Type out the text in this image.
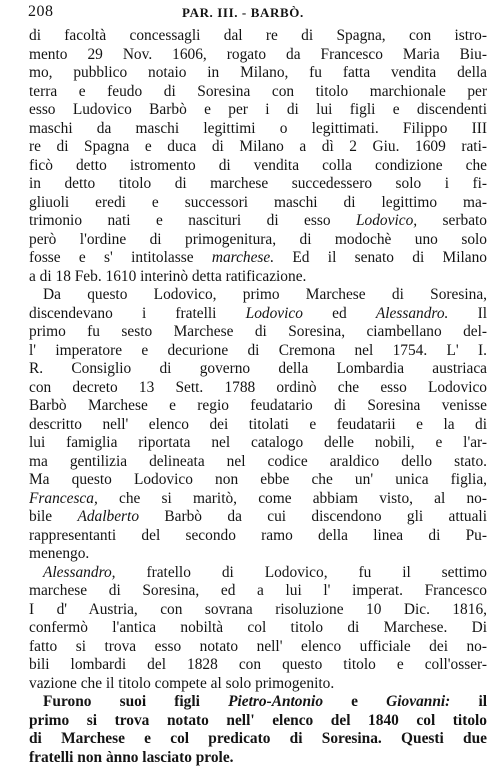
208	PAR. III. - BARBÒ.
di facoltà concessagli dal re di Spagna, con istro-
mento 29 Nov. 1606, rogato da Francesco Maria Biu-
mo, pubblico notaio in Milano, fu fatta vendita della
terra e feudo di Soresina con titolo marchionale per
esso Ludovico Barbò e per i di lui figli e discendenti
maschi da maschi legittimi o legittimati. Filippo III
re di Spagna e duca di Milano a dì 2 Giu. 1609 rati-
ficò detto istromento di vendita colla condizione che
in detto titolo di marchese succedessero solo i fi-
gliuoli eredi e successori maschi di legittimo ma-
trimonio nati e nascituri di esso Lodovico, serbato
però l'ordine di primogenitura, di modochè uno solo
fosse e s' intitolasse marchese. Ed il senato di Milano
a di 18 Feb. 1610 interinò detta ratificazione.
Da questo Lodovico, primo Marchese di Soresina,
discendevano i fratelli Lodovico ed Alessandro. Il
primo fu sesto Marchese di Soresina, ciambellano del-
l' imperatore e decurione di Cremona nel 1754. L' I.
R. Consiglio di governo della Lombardia austriaca
con decreto 13 Sett. 1788 ordinò che esso Lodovico
Barbò Marchese e regio feudatario di Soresina venisse
descritto nell' elenco dei titolati e feudatarii e la di
lui famiglia riportata nel catalogo delle nobili, e l'ar-
ma gentilizia delineata nel codice araldico dello stato.
Ma questo Lodovico non ebbe che un' unica figlia,
Francesca, che si maritò, come abbiam visto, al no-
bile Adalberto Barbò da cui discendono gli attuali
rappresentanti del secondo ramo della linea di Pu-
menengo.
Alessandro, fratello di Lodovico, fu il settimo
marchese di Soresina, ed a lui l' imperat. Francesco
I d' Austria, con sovrana risoluzione 10 Dic. 1816,
confermò l'antica nobiltà col titolo di Marchese. Di
fatto si trova esso notato nell' elenco ufficiale dei no-
bili lombardi del 1828 con questo titolo e coll'osser-
vazione che il titolo compete al solo primogenito.
Furono suoi figli Pietro-Antonio e Giovanni: il
primo si trova notato nell' elenco del 1840 col titolo
di Marchese e col predicato di Soresina. Questi due
fratelli non ànno lasciato prole.
